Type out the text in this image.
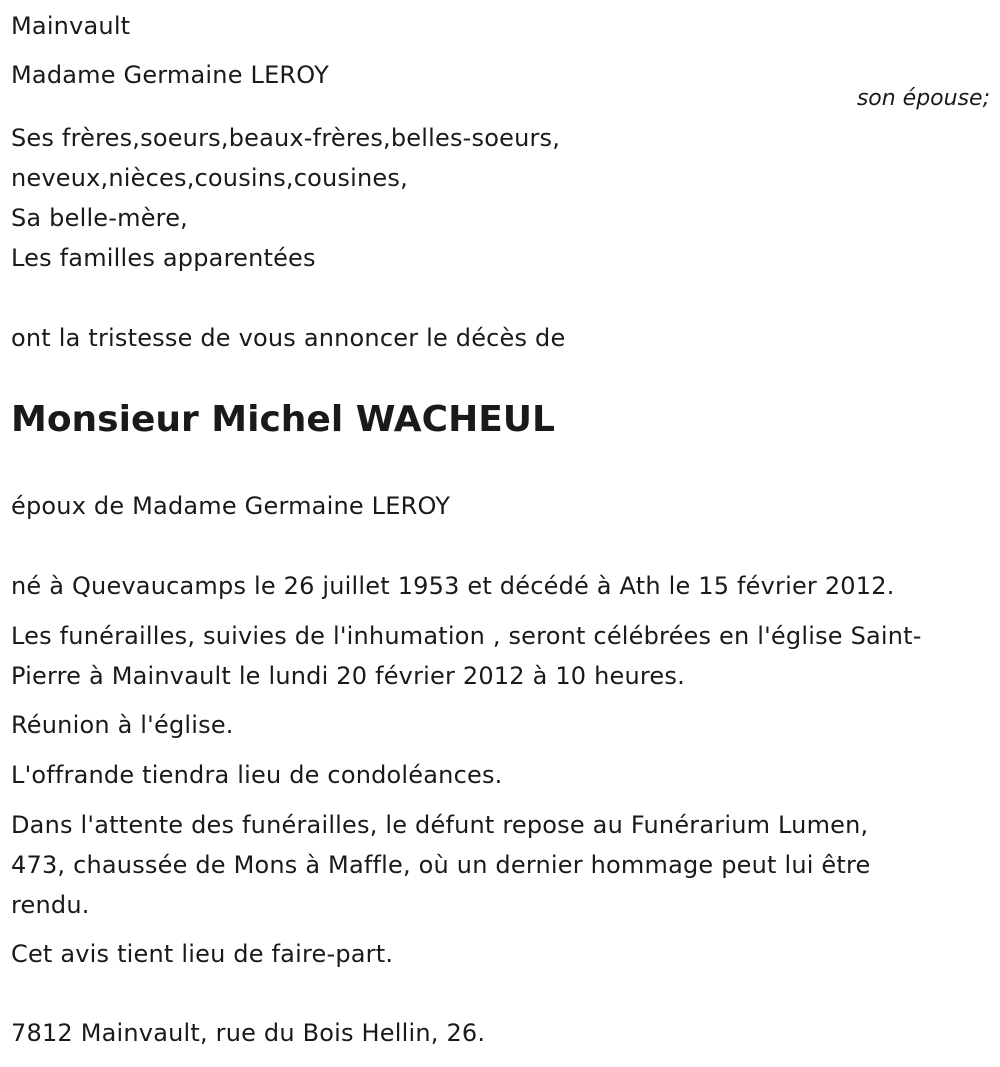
Mainvault
Madame Germaine LEROY
son épouse;
Ses frères,soeurs,beaux-frères,belles-soeurs,
neveux,nièces,cousins,cousines,
Sa belle-mère,
Les familles apparentées
ont la tristesse de vous annoncer le décès de
Monsieur Michel WACHEUL
époux de Madame Germaine LEROY
né à Quevaucamps le 26 juillet 1953 et décédé à Ath le 15 février 2012.
Les funérailles, suivies de l'inhumation , seront célébrées en l'église Saint-
Pierre à Mainvault le lundi 20 février 2012 à 10 heures.
Réunion à l'église.
L'offrande tiendra lieu de condoléances.
Dans l'attente des funérailles, le défunt repose au Funérarium Lumen,
473, chaussée de Mons à Maffle, où un dernier hommage peut lui être
rendu.
Cet avis tient lieu de faire-part.
7812 Mainvault, rue du Bois Hellin, 26.
